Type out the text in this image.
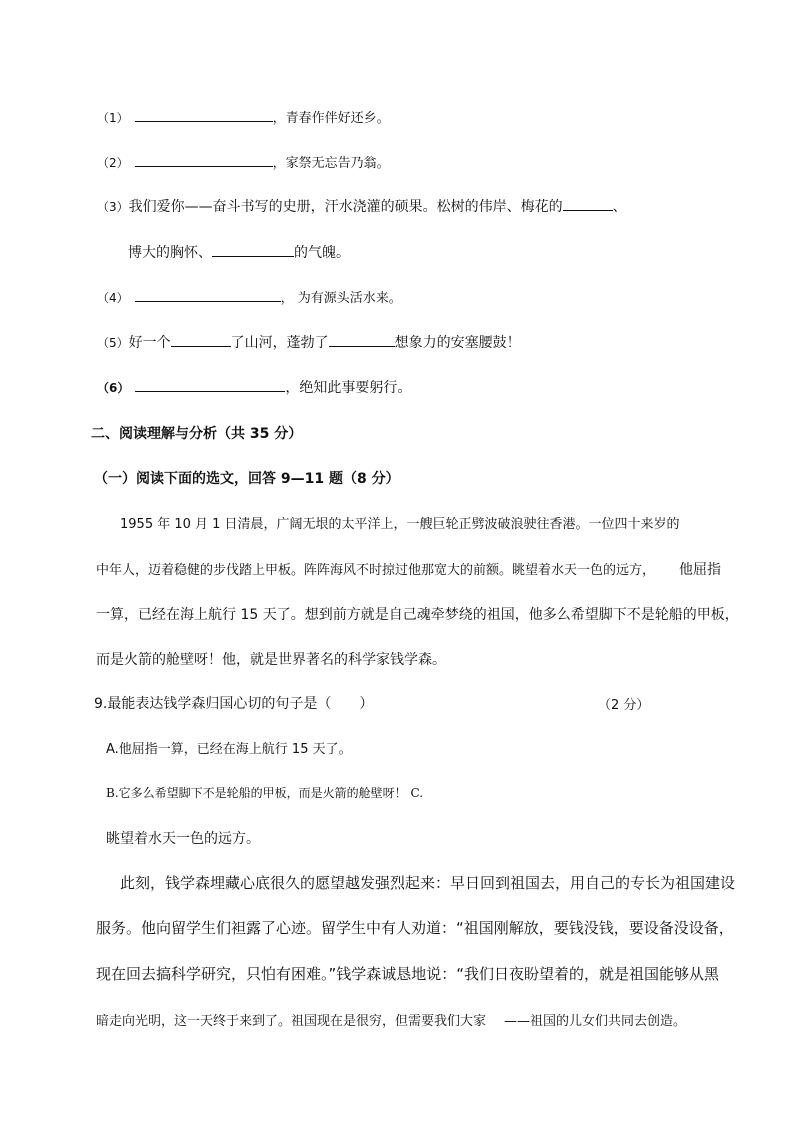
（1）	，青春作伴好还乡。
（2）	，家祭无忘告乃翁。
（3）我们爱你——奋斗书写的史册，汗水浇灌的硕果。松树的伟岸、梅花的	、
博大的胸怀、	的气魄。
（4）	， 为有源头活水来。
（5）好一个	了山河，蓬勃了	想象力的安塞腰鼓！
（6）	，绝知此事要躬行。
二、阅读理解与分析（共 35 分）
（一）阅读下面的选文，回答 9—11 题（8 分）
1955 年 10 月 1 日清晨，广阔无垠的太平洋上，一艘巨轮正劈波破浪驶往香港。一位四十来岁的
中年人，迈着稳健的步伐踏上甲板。阵阵海风不时掠过他那宽大的前额。眺望着水天一色的远方， 他屈指
一算，已经在海上航行 15 天了。想到前方就是自己魂牵梦绕的祖国，他多么希望脚下不是轮船的甲板，
而是火箭的舱壁呀！他，就是世界著名的科学家钱学森。
9.最能表达钱学森归国心切的句子是（　　）	（2 分）
A.他屈指一算，已经在海上航行 15 天了。
B.它多么希望脚下不是轮船的甲板，而是火箭的舱壁呀！ C.
眺望着水天一色的远方。
此刻，钱学森埋藏心底很久的愿望越发强烈起来：早日回到祖国去，用自己的专长为祖国建设
服务。他向留学生们袒露了心迹。留学生中有人劝道：“祖国刚解放，要钱没钱，要设备没设备，
现在回去搞科学研究，只怕有困难。”钱学森诚恳地说：“我们日夜盼望着的，就是祖国能够从黑
暗走向光明，这一天终于来到了。祖国现在是很穷，但需要我们大家 ——祖国的儿女们共同去创造。
